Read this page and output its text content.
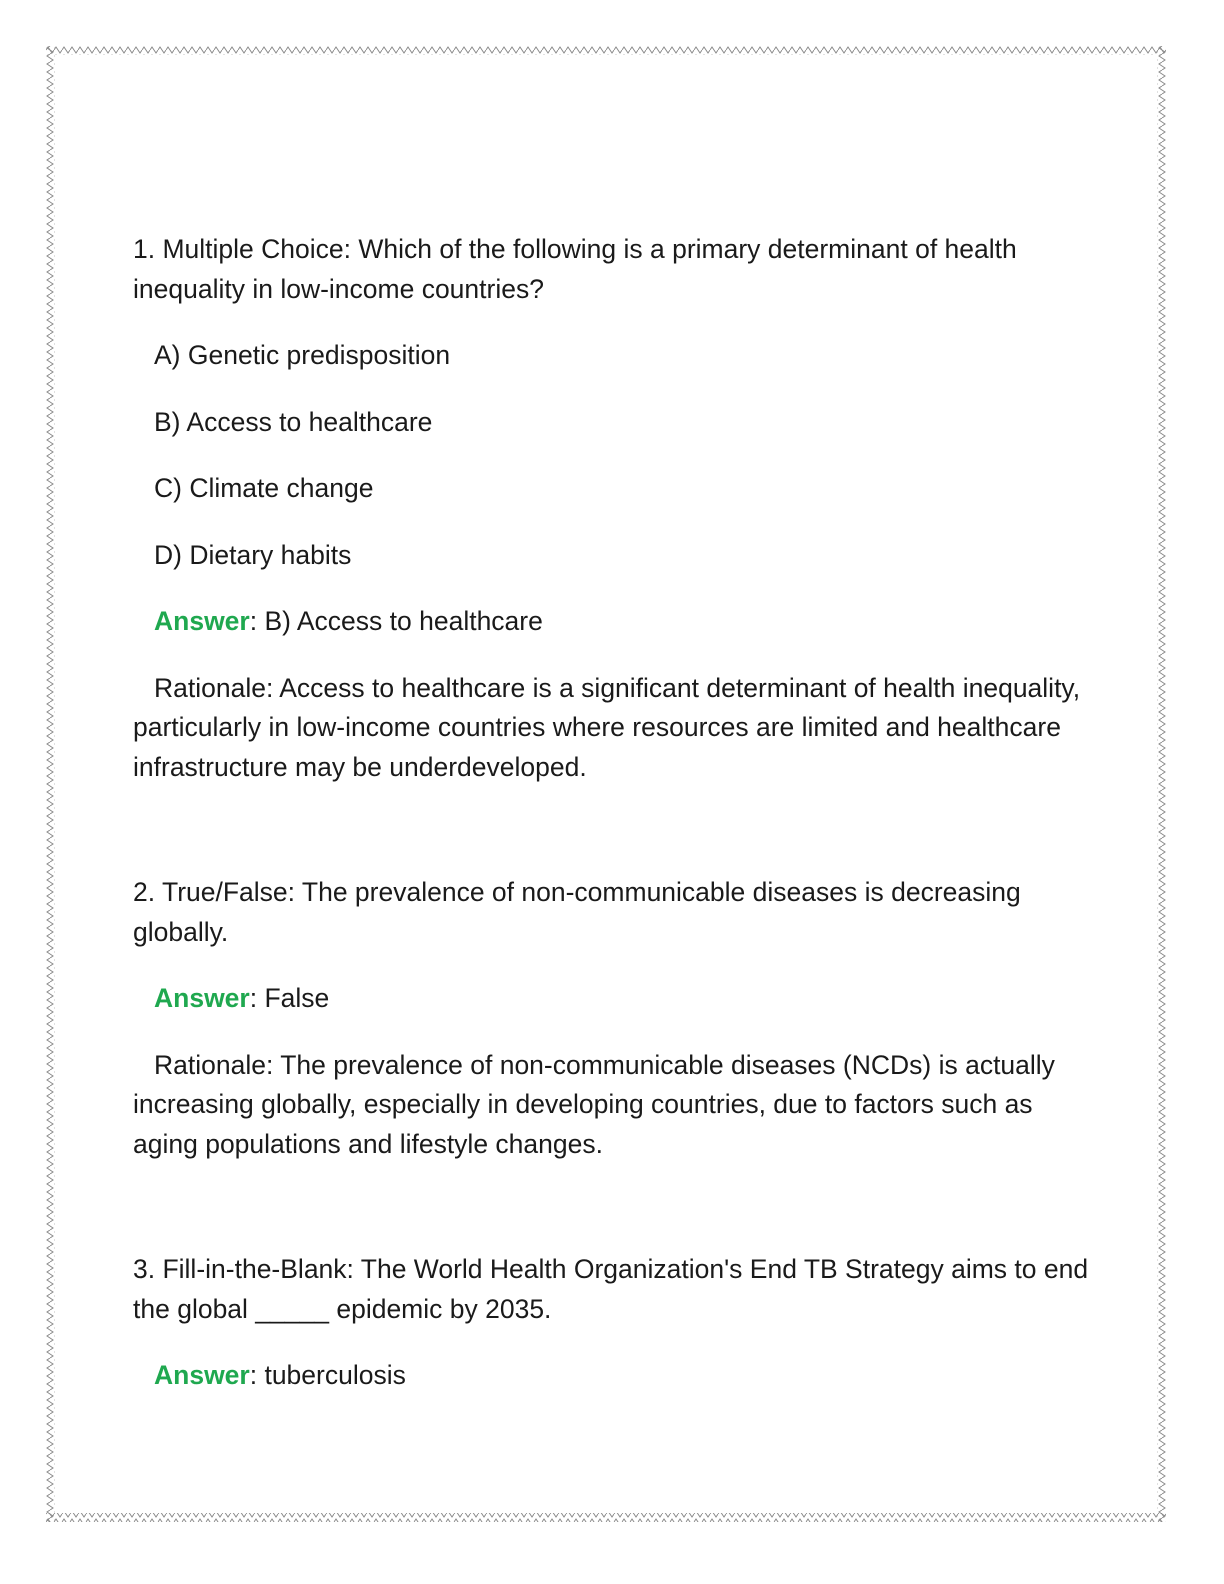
1. Multiple Choice: Which of the following is a primary determinant of health inequality in low-income countries?

A) Genetic predisposition

B) Access to healthcare

C) Climate change

D) Dietary habits

Answer: B) Access to healthcare

Rationale: Access to healthcare is a significant determinant of health inequality, particularly in low-income countries where resources are limited and healthcare infrastructure may be underdeveloped.

2. True/False: The prevalence of non-communicable diseases is decreasing globally.

Answer: False

Rationale: The prevalence of non-communicable diseases (NCDs) is actually increasing globally, especially in developing countries, due to factors such as aging populations and lifestyle changes.

3. Fill-in-the-Blank: The World Health Organization's End TB Strategy aims to end the global _____ epidemic by 2035.

Answer: tuberculosis
